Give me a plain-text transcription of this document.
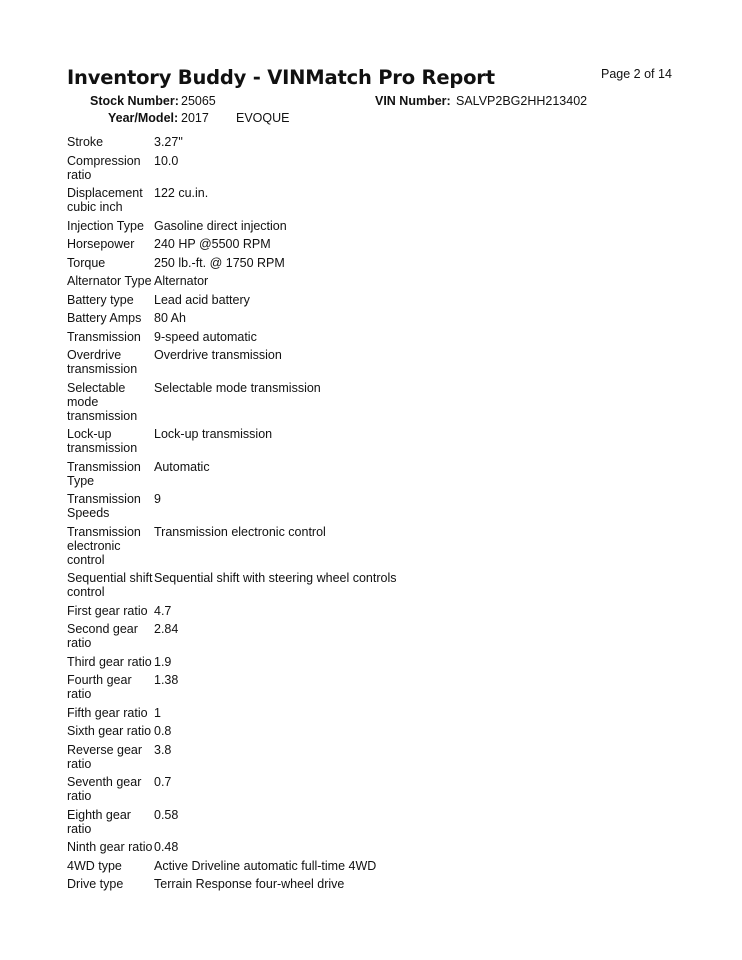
Inventory Buddy - VINMatch Pro Report	Page 2 of 14
Stock Number: 25065	VIN Number: SALVP2BG2HH213402
Year/Model: 2017 EVOQUE
Stroke	3.27"
Compression ratio	10.0
Displacement cubic inch	122 cu.in.
Injection Type	Gasoline direct injection
Horsepower	240 HP @5500 RPM
Torque	250 lb.-ft. @ 1750 RPM
Alternator Type	Alternator
Battery type	Lead acid battery
Battery Amps	80 Ah
Transmission	9-speed automatic
Overdrive transmission	Overdrive transmission
Selectable mode transmission	Selectable mode transmission
Lock-up transmission	Lock-up transmission
Transmission Type	Automatic
Transmission Speeds	9
Transmission electronic control	Transmission electronic control
Sequential shift control	Sequential shift with steering wheel controls
First gear ratio	4.7
Second gear ratio	2.84
Third gear ratio	1.9
Fourth gear ratio	1.38
Fifth gear ratio	1
Sixth gear ratio	0.8
Reverse gear ratio	3.8
Seventh gear ratio	0.7
Eighth gear ratio	0.58
Ninth gear ratio	0.48
4WD type	Active Driveline automatic full-time 4WD
Drive type	Terrain Response four-wheel drive
